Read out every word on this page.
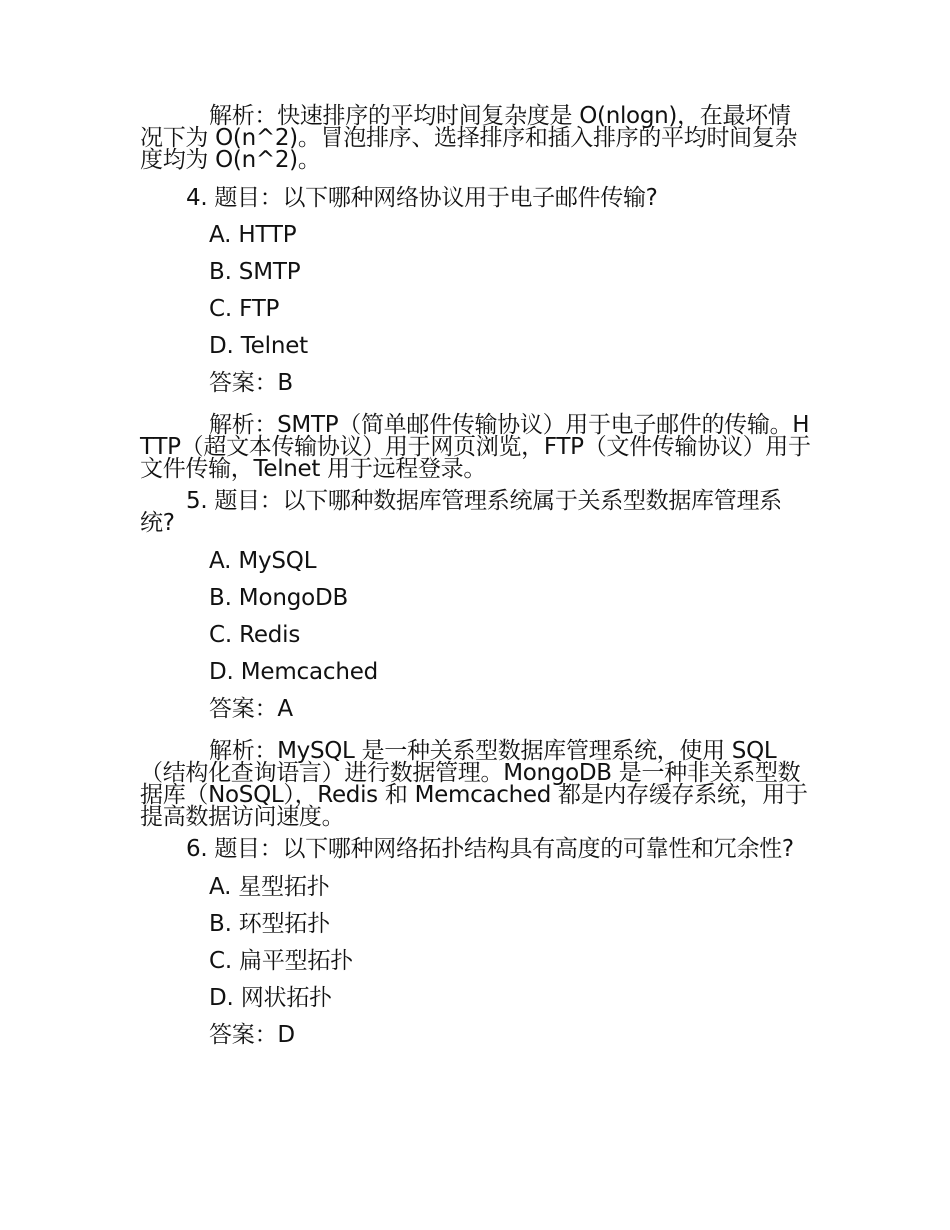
解析：快速排序的平均时间复杂度是 O(nlogn)，在最坏情况下为 O(n^2)。冒泡排序、选择排序和插入排序的平均时间复杂度均为 O(n^2)。

4. 题目：以下哪种网络协议用于电子邮件传输?

A. HTTP
B. SMTP
C. FTP
D. Telnet
答案：B

解析：SMTP（简单邮件传输协议）用于电子邮件的传输。HTTP（超文本传输协议）用于网页浏览，FTP（文件传输协议）用于文件传输，Telnet 用于远程登录。

5. 题目：以下哪种数据库管理系统属于关系型数据库管理系统?

A. MySQL
B. MongoDB
C. Redis
D. Memcached
答案：A

解析：MySQL 是一种关系型数据库管理系统，使用 SQL（结构化查询语言）进行数据管理。MongoDB 是一种非关系型数据库（NoSQL），Redis 和 Memcached 都是内存缓存系统，用于提高数据访问速度。

6. 题目：以下哪种网络拓扑结构具有高度的可靠性和冗余性?

A. 星型拓扑
B. 环型拓扑
C. 扁平型拓扑
D. 网状拓扑
答案：D
